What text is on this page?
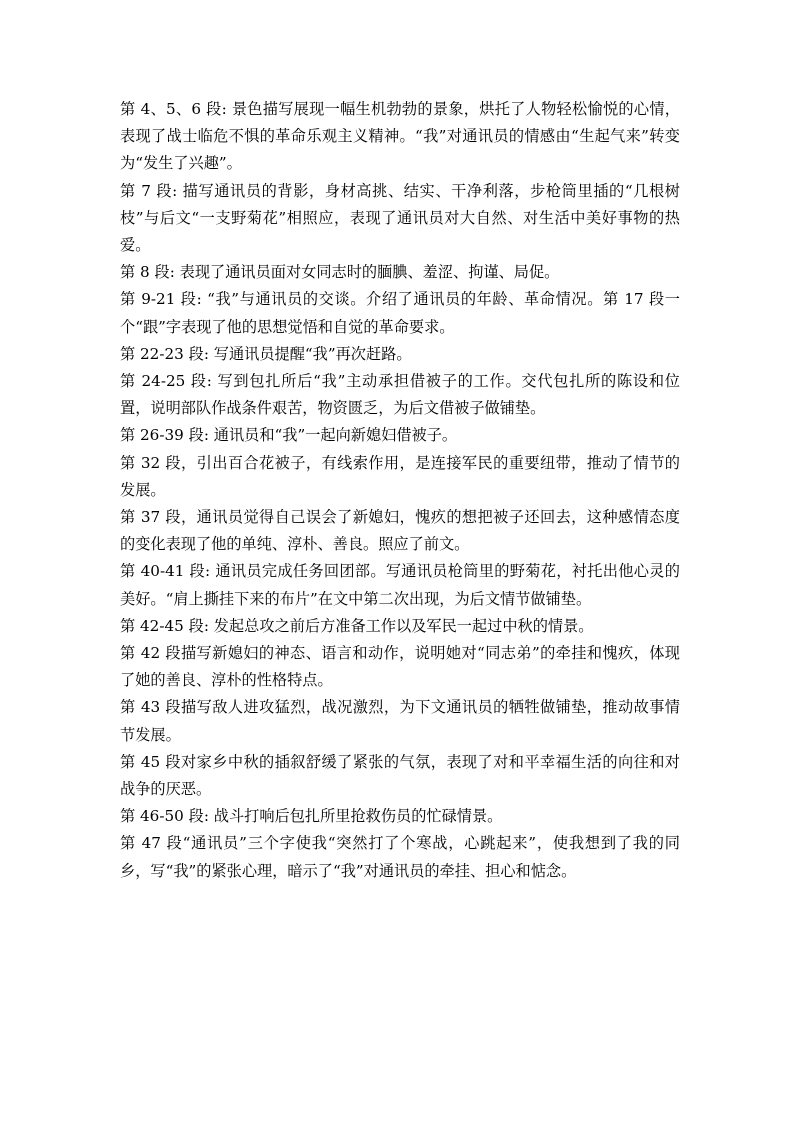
第 4、5、6 段: 景色描写展现一幅生机勃勃的景象，烘托了人物轻松愉悦的心情，表现了战士临危不惧的革命乐观主义精神。“我”对通讯员的情感由“生起气来”转变为“发生了兴趣”。

第 7 段: 描写通讯员的背影，身材高挑、结实、干净利落，步枪筒里插的“几根树枝”与后文“一支野菊花”相照应，表现了通讯员对大自然、对生活中美好事物的热爱。

第 8 段: 表现了通讯员面对女同志时的腼腆、羞涩、拘谨、局促。

第 9-21 段: “我”与通讯员的交谈。介绍了通讯员的年龄、革命情况。第 17 段一个“跟”字表现了他的思想觉悟和自觉的革命要求。

第 22-23 段: 写通讯员提醒“我”再次赶路。

第 24-25 段: 写到包扎所后“我”主动承担借被子的工作。交代包扎所的陈设和位置，说明部队作战条件艰苦，物资匮乏，为后文借被子做铺垫。

第 26-39 段: 通讯员和“我”一起向新媳妇借被子。

第 32 段，引出百合花被子，有线索作用，是连接军民的重要纽带，推动了情节的发展。

第 37 段，通讯员觉得自己误会了新媳妇，愧疚的想把被子还回去，这种感情态度的变化表现了他的单纯、淳朴、善良。照应了前文。

第 40-41 段: 通讯员完成任务回团部。写通讯员枪筒里的野菊花，衬托出他心灵的美好。“肩上撕挂下来的布片”在文中第二次出现，为后文情节做铺垫。

第 42-45 段: 发起总攻之前后方准备工作以及军民一起过中秋的情景。

第 42 段描写新媳妇的神态、语言和动作，说明她对“同志弟”的牵挂和愧疚，体现了她的善良、淳朴的性格特点。

第 43 段描写敌人进攻猛烈，战况激烈，为下文通讯员的牺牲做铺垫，推动故事情节发展。

第 45 段对家乡中秋的插叙舒缓了紧张的气氛，表现了对和平幸福生活的向往和对战争的厌恶。

第 46-50 段: 战斗打响后包扎所里抢救伤员的忙碌情景。

第 47 段“通讯员”三个字使我“突然打了个寒战，心跳起来”，使我想到了我的同乡，写“我”的紧张心理，暗示了“我”对通讯员的牵挂、担心和惦念。
